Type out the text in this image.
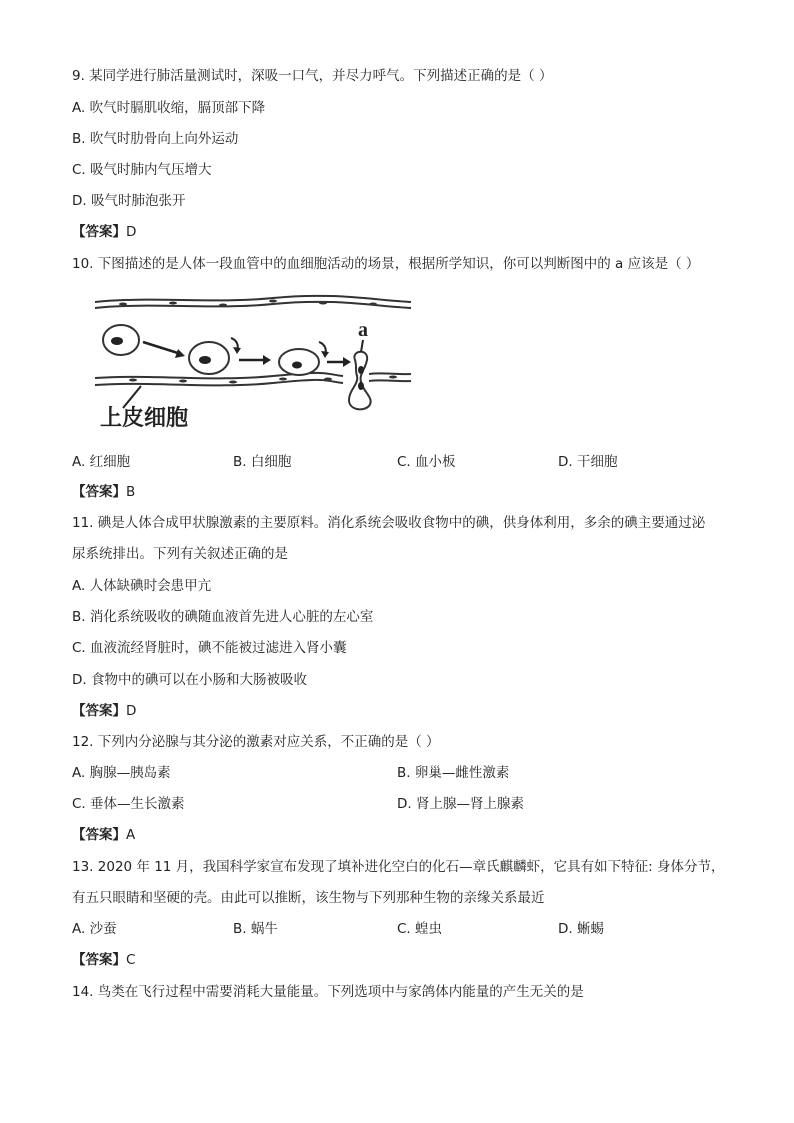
9. 某同学进行肺活量测试时，深吸一口气，并尽力呼气。下列描述正确的是（ ）
A. 吹气时膈肌收缩，膈顶部下降
B. 吹气时肋骨向上向外运动
C. 吸气时肺内气压增大
D. 吸气时肺泡张开
【答案】D
10. 下图描述的是人体一段血管中的血细胞活动的场景，根据所学知识，你可以判断图中的 a 应该是（ ）
a
上皮细胞
A. 红细胞	B. 白细胞	C. 血小板	D. 干细胞
【答案】B
11. 碘是人体合成甲状腺激素的主要原料。消化系统会吸收食物中的碘，供身体利用，多余的碘主要通过泌
尿系统排出。下列有关叙述正确的是
A. 人体缺碘时会患甲亢
B. 消化系统吸收的碘随血液首先进人心脏的左心室
C. 血液流经肾脏时，碘不能被过滤进入肾小囊
D. 食物中的碘可以在小肠和大肠被吸收
【答案】D
12. 下列内分泌腺与其分泌的激素对应关系，不正确的是（ ）
A. 胸腺—胰岛素	B. 卵巢—雌性激素
C. 垂体—生长激素	D. 肾上腺—肾上腺素
【答案】A
13. 2020 年 11 月，我国科学家宣布发现了填补进化空白的化石—章氏麒麟虾，它具有如下特征: 身体分节，
有五只眼睛和坚硬的壳。由此可以推断，该生物与下列那种生物的亲缘关系最近
A. 沙蚕	B. 蜗牛	C. 蝗虫	D. 蜥蜴
【答案】C
14. 鸟类在飞行过程中需要消耗大量能量。下列选项中与家鸽体内能量的产生无关的是
